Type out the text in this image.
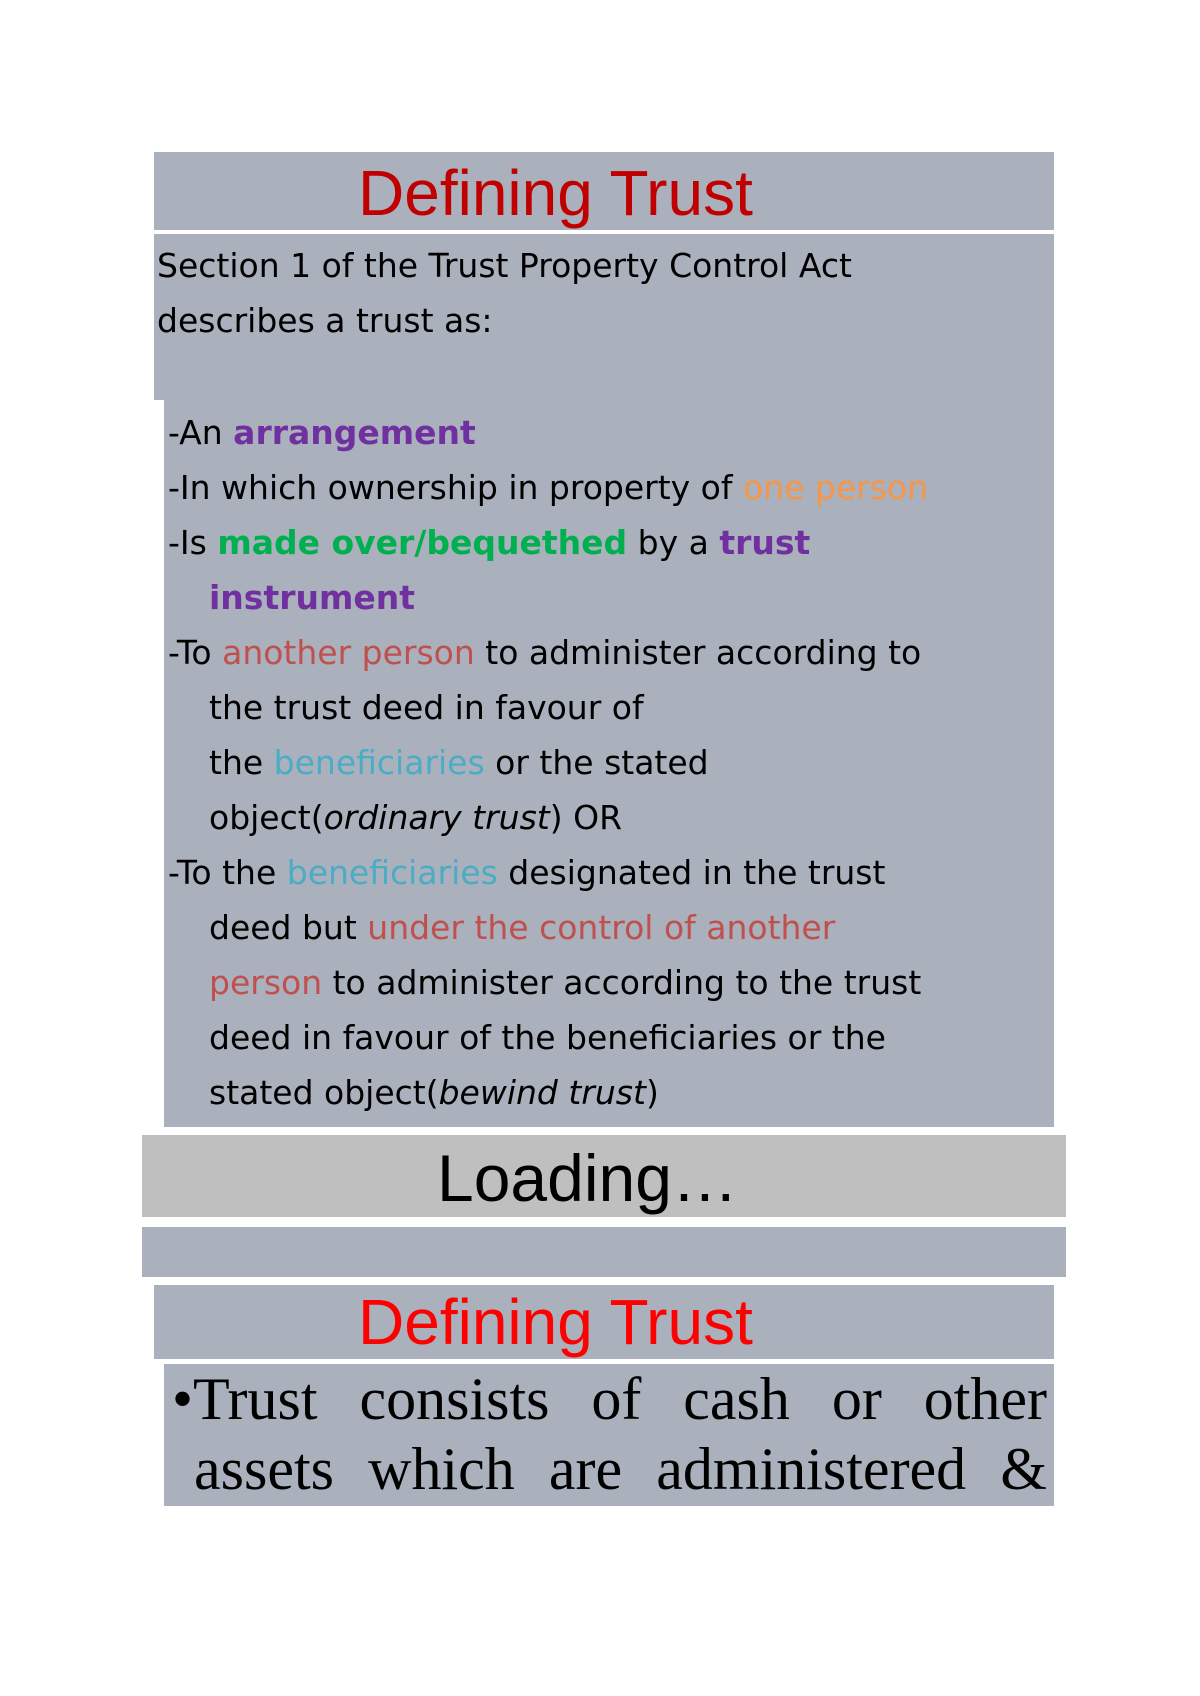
Defining Trust
Section 1 of the Trust Property Control Act
describes a trust as:
-An arrangement
-In which ownership in property of one person
-Is made over/bequethed by a trust
instrument
-To another person to administer according to
the trust deed in favour of
the beneficiaries or the stated
object(ordinary trust) OR
-To the beneficiaries designated in the trust
deed but under the control of another
person to administer according to the trust
deed in favour of the beneficiaries or the
stated object(bewind trust)
Loading…
Defining Trust
•Trust consists of cash or other
assets which are administered &
